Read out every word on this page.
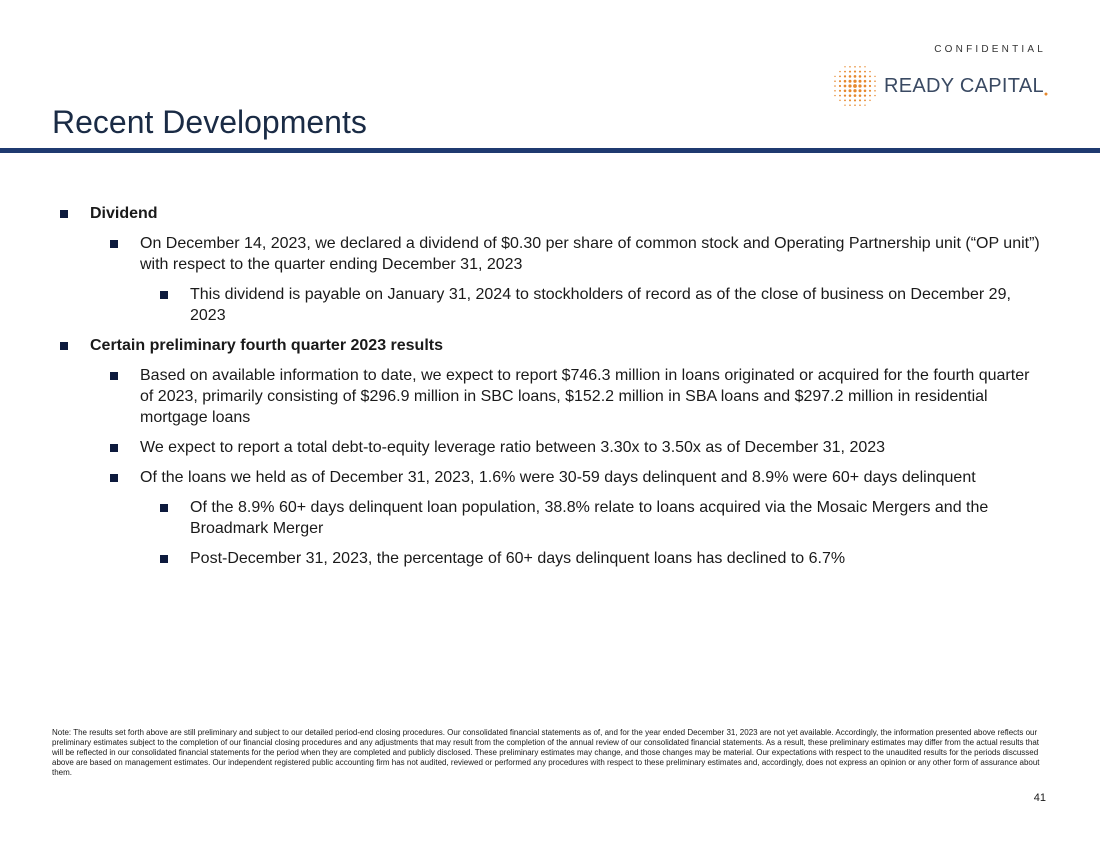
CONFIDENTIAL
READY CAPITAL●
Recent Developments
Dividend
On December 14, 2023, we declared a dividend of $0.30 per share of common stock and Operating Partnership unit (“OP unit”) with respect to the quarter ending December 31, 2023
This dividend is payable on January 31, 2024 to stockholders of record as of the close of business on December 29, 2023
Certain preliminary fourth quarter 2023 results
Based on available information to date, we expect to report $746.3 million in loans originated or acquired for the fourth quarter of 2023, primarily consisting of $296.9 million in SBC loans, $152.2 million in SBA loans and $297.2 million in residential mortgage loans
We expect to report a total debt-to-equity leverage ratio between 3.30x to 3.50x as of December 31, 2023
Of the loans we held as of December 31, 2023, 1.6% were 30-59 days delinquent and 8.9% were 60+ days delinquent
Of the 8.9% 60+ days delinquent loan population, 38.8% relate to loans acquired via the Mosaic Mergers and the Broadmark Merger
Post-December 31, 2023, the percentage of 60+ days delinquent loans has declined to 6.7%
Note: The results set forth above are still preliminary and subject to our detailed period-end closing procedures. Our consolidated financial statements as of, and for the year ended December 31, 2023 are not yet available. Accordingly, the information presented above reflects our preliminary estimates subject to the completion of our financial closing procedures and any adjustments that may result from the completion of the annual review of our consolidated financial statements. As a result, these preliminary estimates may differ from the actual results that will be reflected in our consolidated financial statements for the period when they are completed and publicly disclosed. These preliminary estimates may change, and those changes may be material. Our expectations with respect to the unaudited results for the periods discussed above are based on management estimates. Our independent registered public accounting firm has not audited, reviewed or performed any procedures with respect to these preliminary estimates and, accordingly, does not express an opinion or any other form of assurance about them.
41
